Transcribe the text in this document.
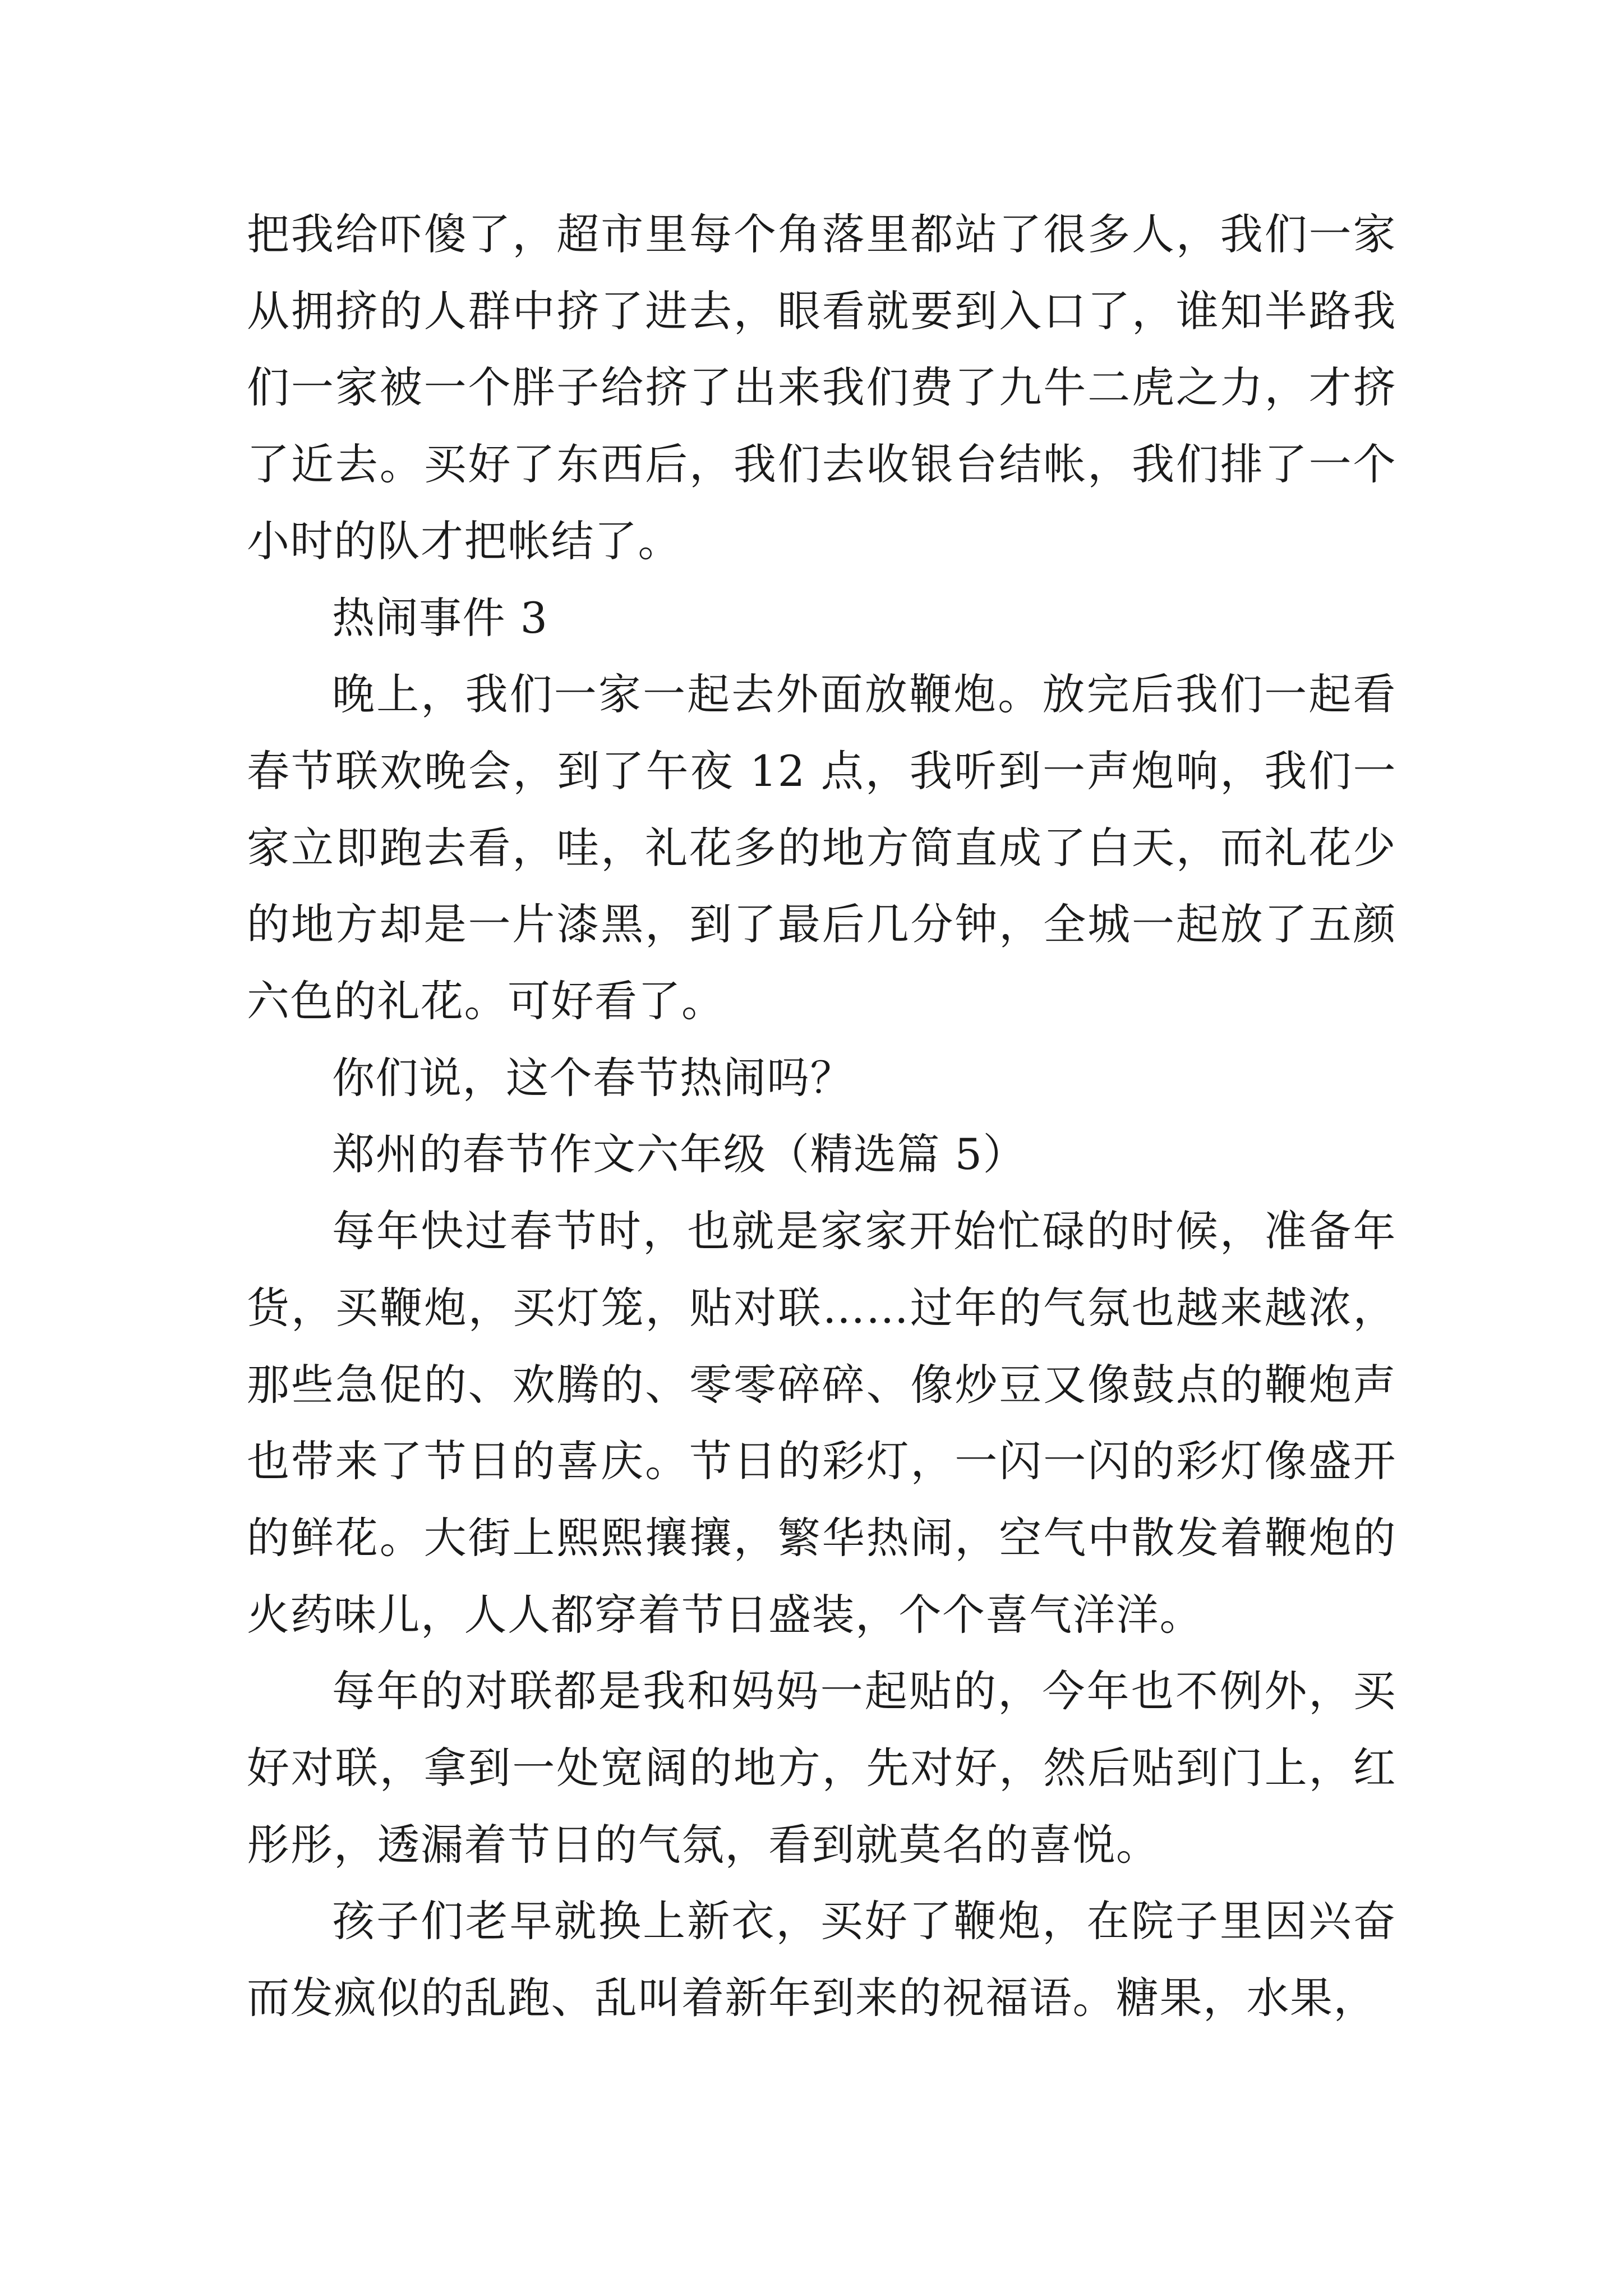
把我给吓傻了，超市里每个角落里都站了很多人，我们一家从拥挤的人群中挤了进去，眼看就要到入口了，谁知半路我们一家被一个胖子给挤了出来我们费了九牛二虎之力，才挤了近去。买好了东西后，我们去收银台结帐，我们排了一个小时的队才把帐结了。

热闹事件 3

晚上，我们一家一起去外面放鞭炮。放完后我们一起看春节联欢晚会，到了午夜 12 点，我听到一声炮响，我们一家立即跑去看，哇，礼花多的地方简直成了白天，而礼花少的地方却是一片漆黑，到了最后几分钟，全城一起放了五颜六色的礼花。可好看了。

你们说，这个春节热闹吗？

郑州的春节作文六年级（精选篇 5）

每年快过春节时，也就是家家开始忙碌的时候，准备年货，买鞭炮，买灯笼，贴对联……过年的气氛也越来越浓，那些急促的、欢腾的、零零碎碎、像炒豆又像鼓点的鞭炮声也带来了节日的喜庆。节日的彩灯，一闪一闪的彩灯像盛开的鲜花。大街上熙熙攘攘，繁华热闹，空气中散发着鞭炮的火药味儿，人人都穿着节日盛装，个个喜气洋洋。

每年的对联都是我和妈妈一起贴的，今年也不例外，买好对联，拿到一处宽阔的地方，先对好，然后贴到门上，红彤彤，透漏着节日的气氛，看到就莫名的喜悦。

孩子们老早就换上新衣，买好了鞭炮，在院子里因兴奋而发疯似的乱跑、乱叫着新年到来的祝福语。糖果，水果，
